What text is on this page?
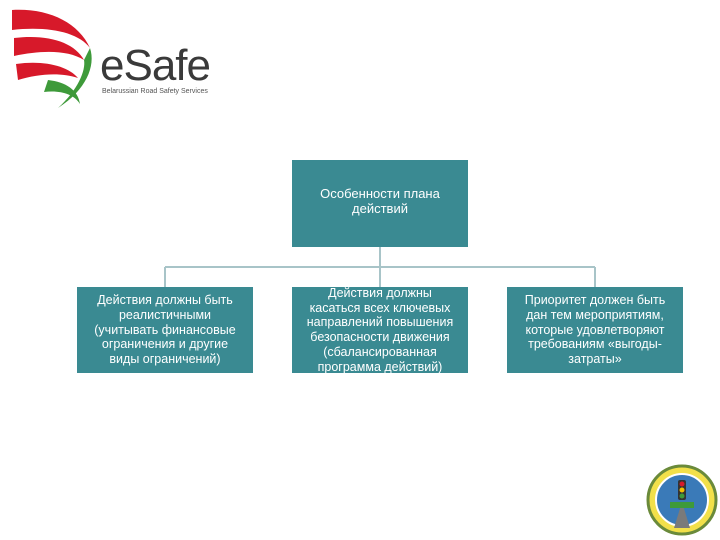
eSafe
Belarussian Road Safety Services
Особенности плана
действий
Действия должны быть
реалистичными
(учитывать финансовые
ограничения и другие
виды ограничений)
Действия должны
касаться всех ключевых
направлений повышения
безопасности движения
(сбалансированная
программа действий)
Приоритет должен быть
дан тем мероприятиям,
которые удовлетворяют
требованиям «выгоды-
затраты»
